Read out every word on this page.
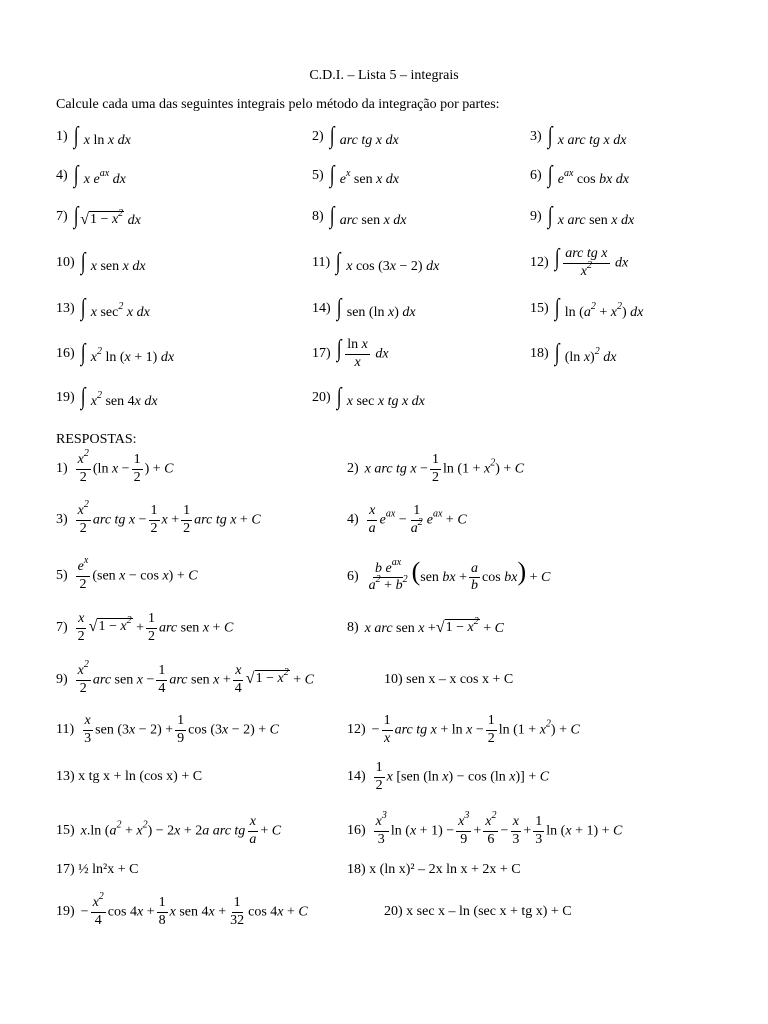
C.D.I. – Lista 5 – integrais
Calcule cada uma das seguintes integrais pelo método da integração por partes:
1) ∫ x ln x dx	2) ∫ arc tg x dx	3) ∫ x arc tg x dx
4) ∫ x $e^{ax}$ dx	5) ∫ $e^x$ sen x dx	6) ∫ $e^{ax}$ cos bx dx
7) ∫ √ $1 - x^2$ dx	8) ∫ arc sen x dx	9) ∫ x arc sen x dx
10) ∫ x sen x dx	11) ∫ x cos (3x − 2) dx	12) ∫ $\frac{\text{arc tg x}}{x^2}$ dx
13) ∫ x $\sec^2 x$ dx	14) ∫ sen (ln x) dx	15) ∫ $\ln (a^2 + x^2)$ dx
16) ∫ $x^2$ ln (x + 1) dx	17) ∫ $\frac{\text{ln x}}{x}$ dx	18) ∫ (ln x)$^2$ dx
19) ∫ $x^2$ sen 4x dx	20) ∫ x sec x tg x dx
RESPOSTAS:
$1) \frac{x^2}{2} (\ln$ $x - \frac{1}{2}$ ) + C	2) x arc tg $x - \frac{1}{2}$ $\ln (1 + x^2) + C$
$3) \frac{x^2}{2}$ arc tg $x - \frac{1}{2}$ $x + \frac{1}{2}$ arc tg x + C	$4) \frac{x}{a} e^{ax} - \frac{1}{a^2} e^{ax} + C$
$5) \frac{e^x}{2} (sen$ x − cos x) + C	$6) \frac{b e^{ax}}{a^2 + b^2} (sen$ bx + $\frac{a}{b}$ cos bx) + C
$7) \frac{x}{2}$ √ $1 - x^2 + \frac{1}{2}$ arc sen x + C	8) x arc sen x + √ $1 - x^2 + C$
$9) \frac{x^2}{2}$ arc sen $x - \frac{1}{4}$ arc sen $x + \frac{x}{4}$ √ $1 - x^2 + C$	10) sen x – x cos x + C
$11) \frac{x}{3}$ sen $(3x - 2) + \frac{1}{9}$ cos (3x − 2) + C	$12) - \frac{1}{x}$ arc tg $x + \ln x - \frac{1}{2}$ $\ln (1 + x^2) + C$
13) x tg x + ln (cos x) + C	$14) \frac{1}{2}$ x [sen (ln x) − cos (ln x)] + C
15) x.ln $(a^2 + x^2) - 2x + 2a$ arc tg $\frac{x}{a} + C$	$16) \frac{x^3}{3}$ $\ln (x + 1) - \frac{x^3}{9} + \frac{x^2}{6} - \frac{x}{3} + \frac{1}{3}$ ln (x + 1) + C
17) ½ ln²x + C	18) x (ln x)² – 2x ln x + 2x + C
$19) - \frac{x^2}{4}$ $\cos 4x + \frac{1}{8}$ x sen $4x + \frac{1}{32}$ cos 4x + C	20) x sec x – ln (sec x + tg x) + C
